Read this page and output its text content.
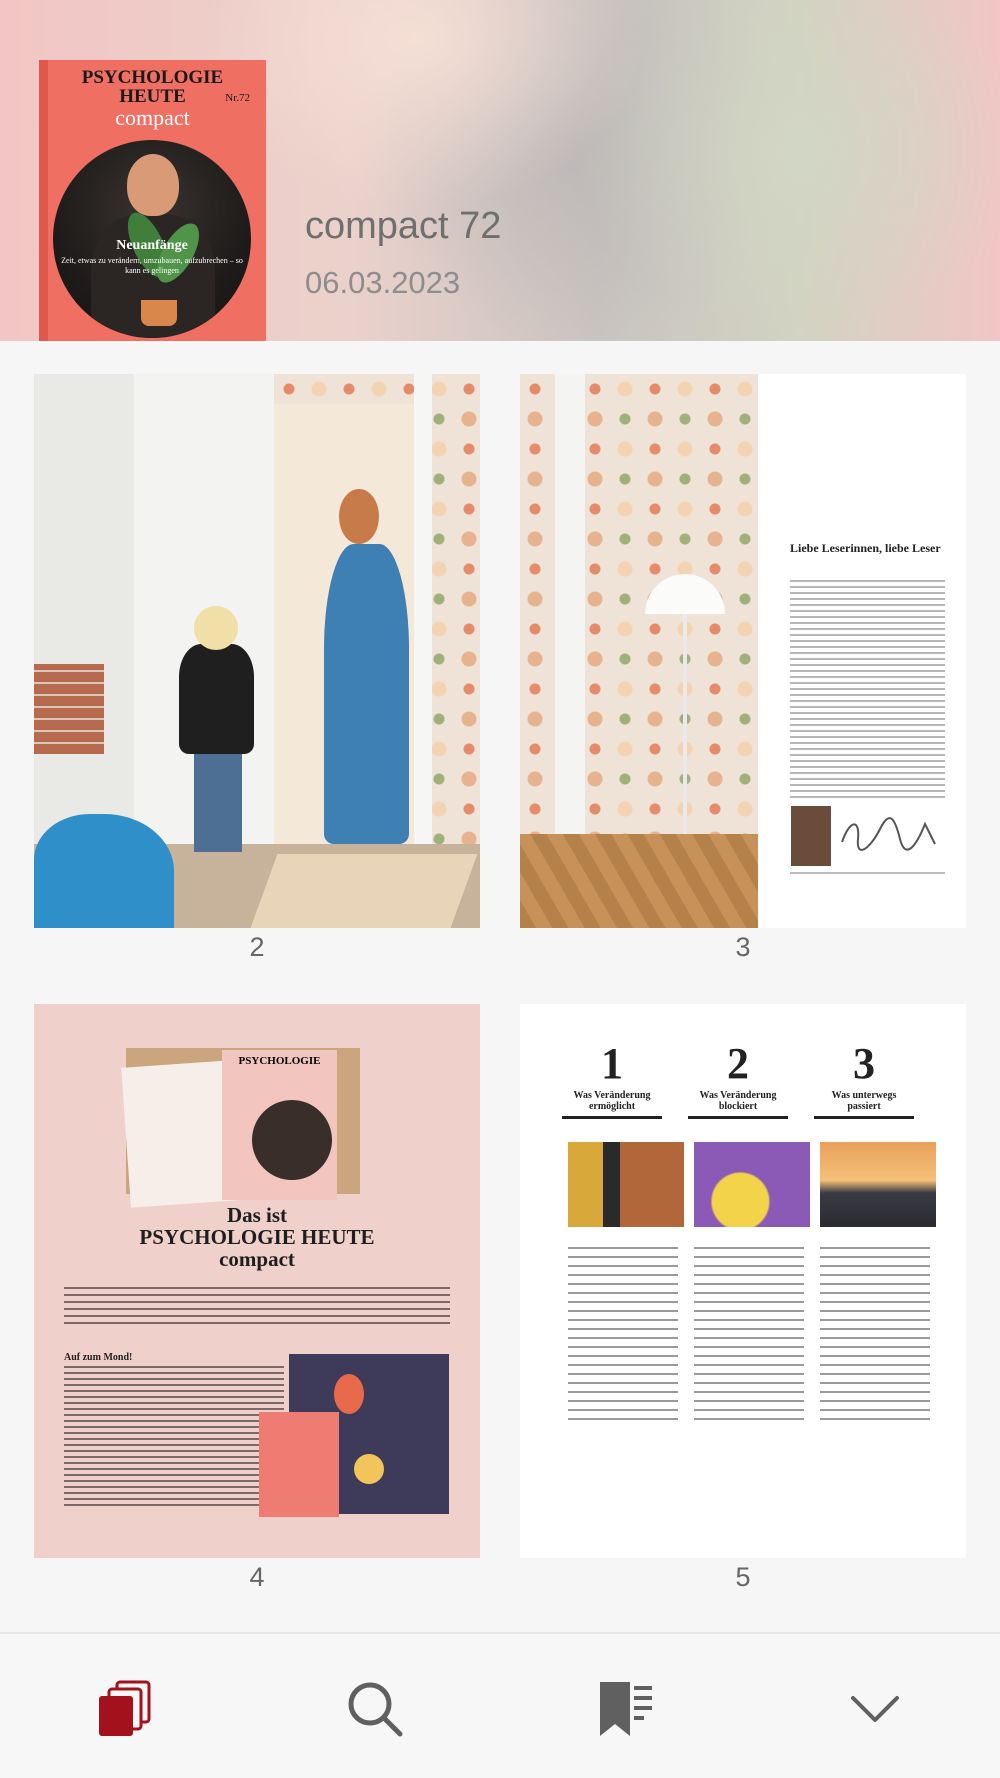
PSYCHOLOGIE
HEUTE	Nr.72
compact
Neuanfänge
Zeit, etwas zu verändern, umzubauen, aufzubrechen – so kann es gelingen
compact 72
06.03.2023
2
Liebe Leserinnen, liebe Leser
3
PSYCHOLOGIE
Das ist
PSYCHOLOGIE HEUTE
compact
Auf zum Mond!
4
1
Was Veränderung ermöglicht
2
Was Veränderung blockiert
3
Was unterwegs passiert
5
